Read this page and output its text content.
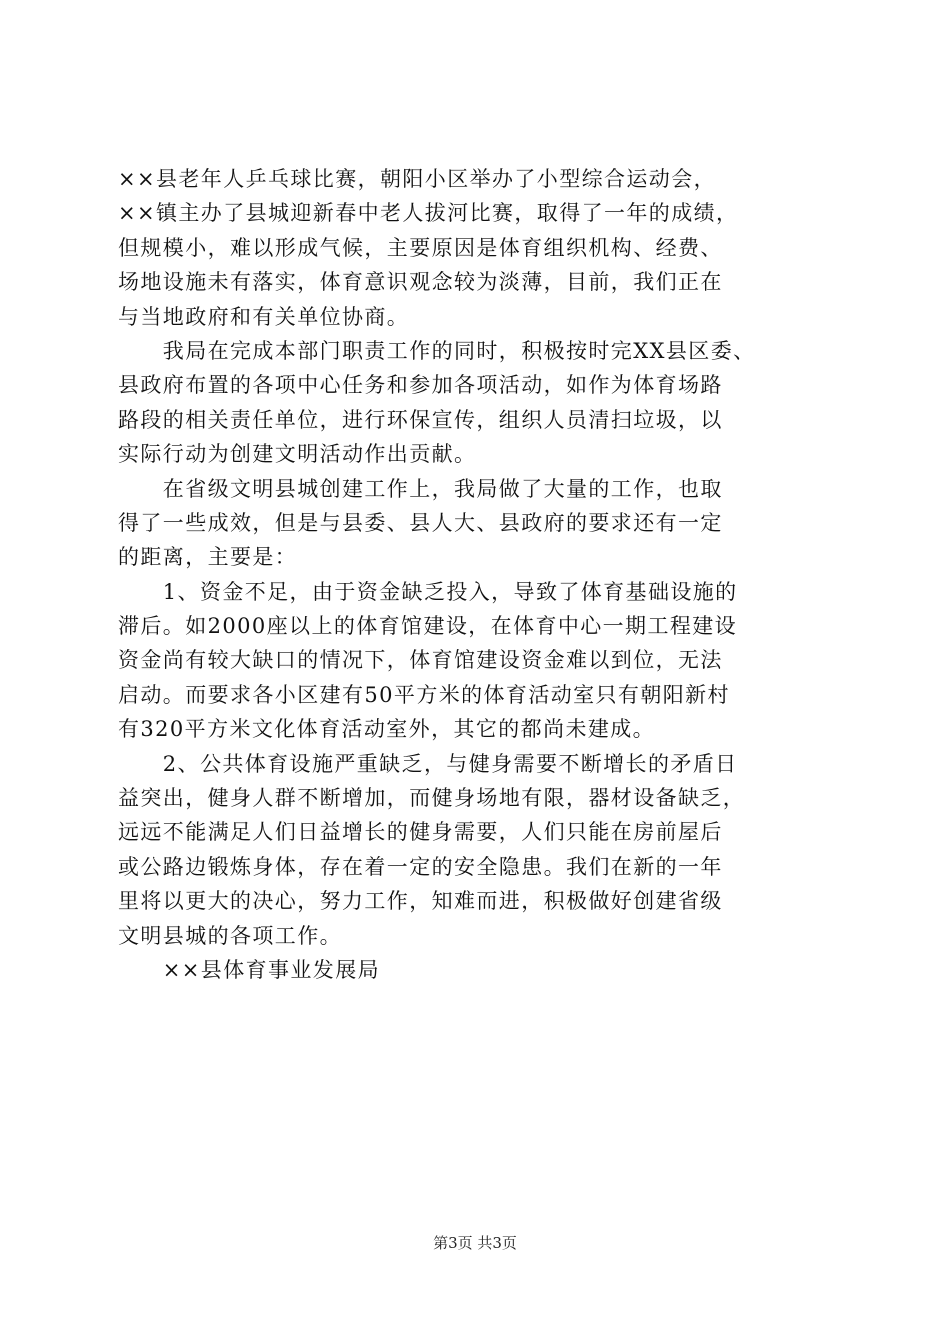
××县老年人乒乓球比赛，朝阳小区举办了小型综合运动会，
××镇主办了县城迎新春中老人拔河比赛，取得了一年的成绩，
但规模小，难以形成气候，主要原因是体育组织机构、经费、
场地设施未有落实，体育意识观念较为淡薄，目前，我们正在
与当地政府和有关单位协商。
　　我局在完成本部门职责工作的同时，积极按时完XX县区委、
县政府布置的各项中心任务和参加各项活动，如作为体育场路
路段的相关责任单位，进行环保宣传，组织人员清扫垃圾，以
实际行动为创建文明活动作出贡献。
　　在省级文明县城创建工作上，我局做了大量的工作，也取
得了一些成效，但是与县委、县人大、县政府的要求还有一定
的距离，主要是：
　　1、资金不足，由于资金缺乏投入，导致了体育基础设施的
滞后。如2000座以上的体育馆建设，在体育中心一期工程建设
资金尚有较大缺口的情况下，体育馆建设资金难以到位，无法
启动。而要求各小区建有50平方米的体育活动室只有朝阳新村
有320平方米文化体育活动室外，其它的都尚未建成。
　　2、公共体育设施严重缺乏，与健身需要不断增长的矛盾日
益突出，健身人群不断增加，而健身场地有限，器材设备缺乏，
远远不能满足人们日益增长的健身需要，人们只能在房前屋后
或公路边锻炼身体，存在着一定的安全隐患。我们在新的一年
里将以更大的决心，努力工作，知难而进，积极做好创建省级
文明县城的各项工作。
　　××县体育事业发展局
第3页 共3页
